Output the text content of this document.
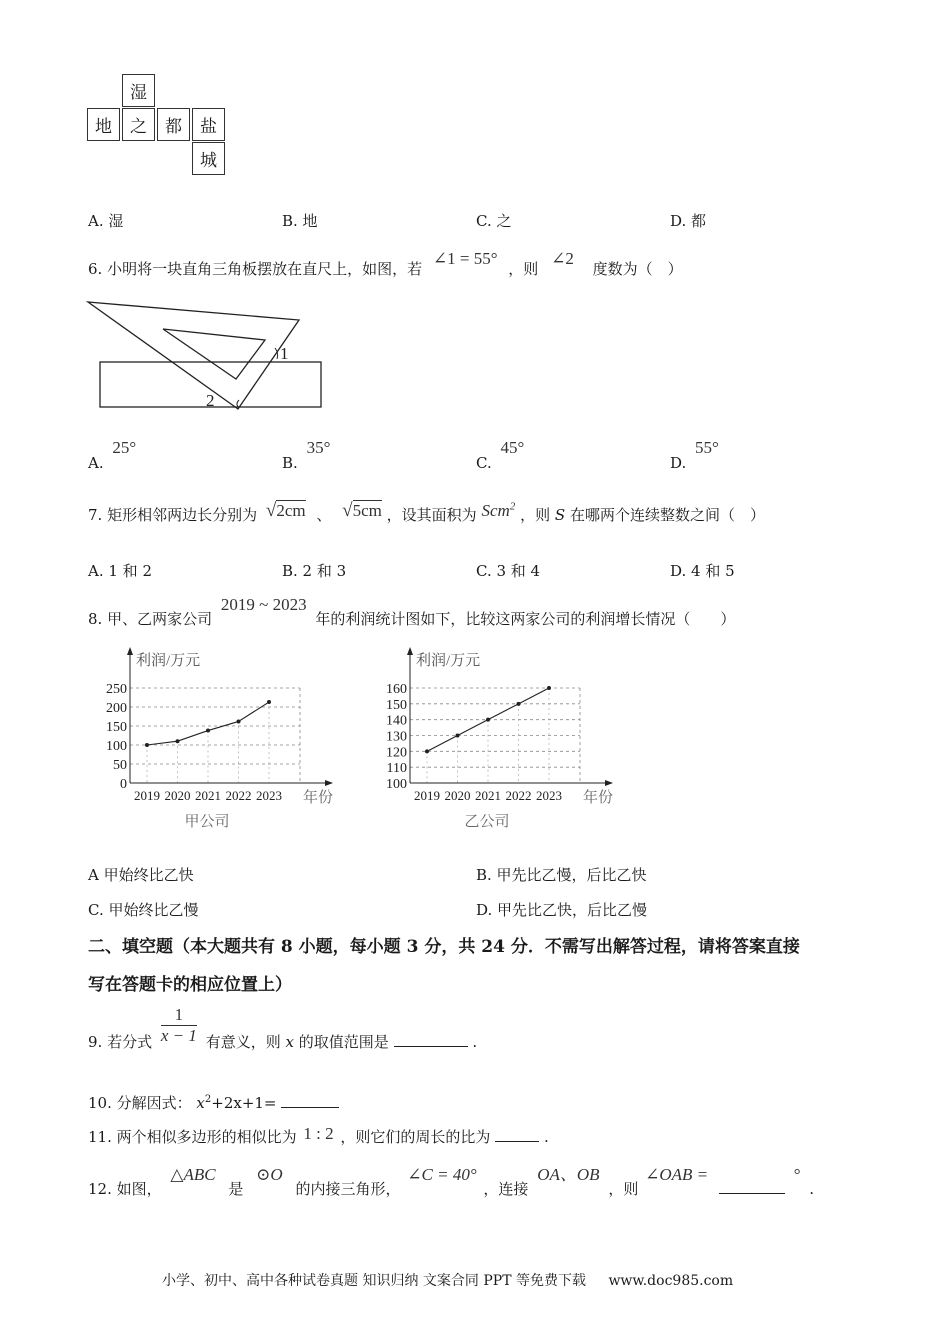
湿
地	之	都	盐
城
A. 湿	B. 地	C. 之	D. 都
6. 小明将一块直角三角板摆放在直尺上，如图，若 ∠1 = 55° ，则 ∠2 度数为（　）
1
2
A. 25°
B. 35°
C. 45°
D. 55°
7. 矩形相邻两边长分别为 √2cm 、 √5cm ，设其面积为 Scm$^2$ ，则 S 在哪两个连续整数之间（　）
A. 1 和 2	B. 2 和 3	C. 3 和 4	D. 4 和 5
8. 甲、乙两家公司 2019 ~ 2023 年的利润统计图如下，比较这两家公司的利润增长情况（　　）
0
50
100
150
200
250
2019 2020 2021 2022 2023
利润/万元
年份
甲公司
100
110
120
130
140
150
160
2019 2020 2021 2022 2023
利润/万元
年份
乙公司
A 甲始终比乙快	B. 甲先比乙慢，后比乙快
C. 甲始终比乙慢	D. 甲先比乙快，后比乙慢
二、填空题（本大题共有 8 小题，每小题 3 分，共 24 分．不需写出解答过程，请将答案直接
写在答题卡的相应位置上）
9. 若分式 $\frac{1}{x - 1}$ 有意义，则 x 的取值范围是	.
10. 分解因式： $x^2+2x+1=$
11. 两个相似多边形的相似比为 1 : 2 ，则它们的周长的比为	.
12. 如图， △ABC 是 ⊙O 的内接三角形， ∠C = 40° ，连接 OA、OB ，则 ∠OAB =	° .
小学、初中、高中各种试卷真题 知识归纳 文案合同 PPT 等免费下载 www.doc985.com
